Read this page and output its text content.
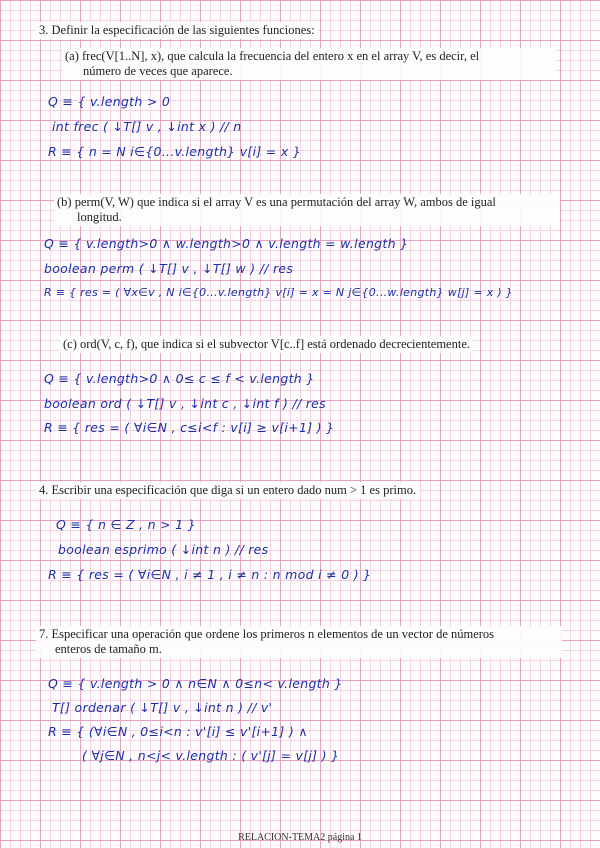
3. Definir la especificación de las siguientes funciones:
(a) frec(V[1..N], x), que calcula la frecuencia del entero x en el array V, es decir, el
número de veces que aparece.
Q ≡ { v.length > 0
int frec ( ↓T[] v , ↓int x ) // n
R ≡ { n = N i∈{0...v.length} v[i] = x }
(b) perm(V, W) que indica si el array V es una permutación del array W, ambos de igual
longitud.
Q ≡ { v.length>0 ∧ w.length>0 ∧ v.length = w.length }
boolean perm ( ↓T[] v , ↓T[] w ) // res
R ≡ { res = ( ∀x∈v , N i∈{0...v.length} v[i] = x = N j∈{0...w.length} w[j] = x ) }
(c) ord(V, c, f), que indica si el subvector V[c..f] está ordenado decrecientemente.
Q ≡ { v.length>0 ∧ 0≤ c ≤ f < v.length }
boolean ord ( ↓T[] v , ↓int c , ↓int f ) // res
R ≡ { res = ( ∀i∈N , c≤i<f : v[i] ≥ v[i+1] ) }
4. Escribir una especificación que diga si un entero dado num > 1 es primo.
Q ≡ { n ∈ Z , n > 1 }
boolean esprimo ( ↓int n ) // res
R ≡ { res = ( ∀i∈N , i ≠ 1 , i ≠ n : n mod i ≠ 0 ) }
7. Especificar una operación que ordene los primeros n elementos de un vector de números
enteros de tamaño m.
Q ≡ { v.length > 0 ∧ n∈N ∧ 0≤n< v.length }
T[] ordenar ( ↓T[] v , ↓int n ) // v'
R ≡ { (∀i∈N , 0≤i<n : v'[i] ≤ v'[i+1] ) ∧
( ∀j∈N , n<j< v.length : ( v'[j] = v[j] ) }
RELACION-TEMA2 página 1
